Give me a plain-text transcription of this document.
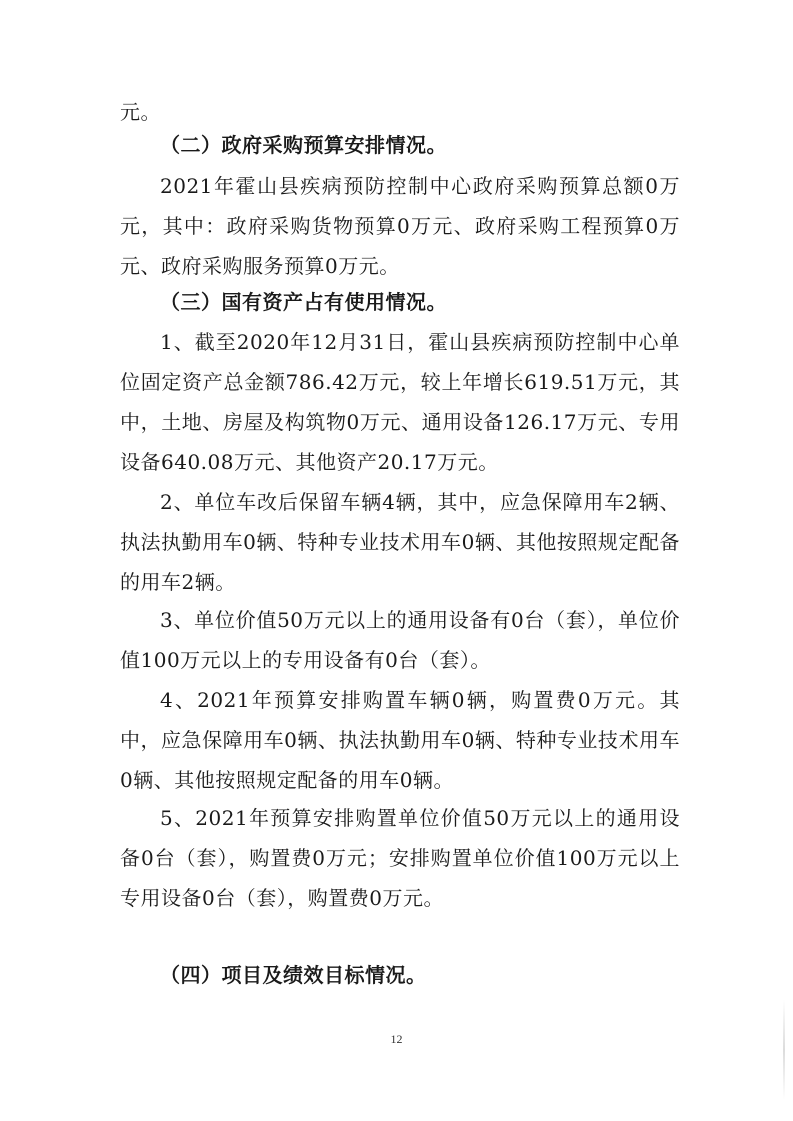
元。

（二）政府采购预算安排情况。

2021年霍山县疾病预防控制中心政府采购预算总额0万元，其中：政府采购货物预算0万元、政府采购工程预算0万元、政府采购服务预算0万元。

（三）国有资产占有使用情况。

1、截至2020年12月31日，霍山县疾病预防控制中心单位固定资产总金额786.42万元，较上年增长619.51万元，其中，土地、房屋及构筑物0万元、通用设备126.17万元、专用设备640.08万元、其他资产20.17万元。

2、单位车改后保留车辆4辆，其中，应急保障用车2辆、执法执勤用车0辆、特种专业技术用车0辆、其他按照规定配备的用车2辆。

3、单位价值50万元以上的通用设备有0台（套），单位价值100万元以上的专用设备有0台（套）。

4、2021年预算安排购置车辆0辆，购置费0万元。其中，应急保障用车0辆、执法执勤用车0辆、特种专业技术用车0辆、其他按照规定配备的用车0辆。

5、2021年预算安排购置单位价值50万元以上的通用设备0台（套），购置费0万元；安排购置单位价值100万元以上专用设备0台（套），购置费0万元。

（四）项目及绩效目标情况。

12
